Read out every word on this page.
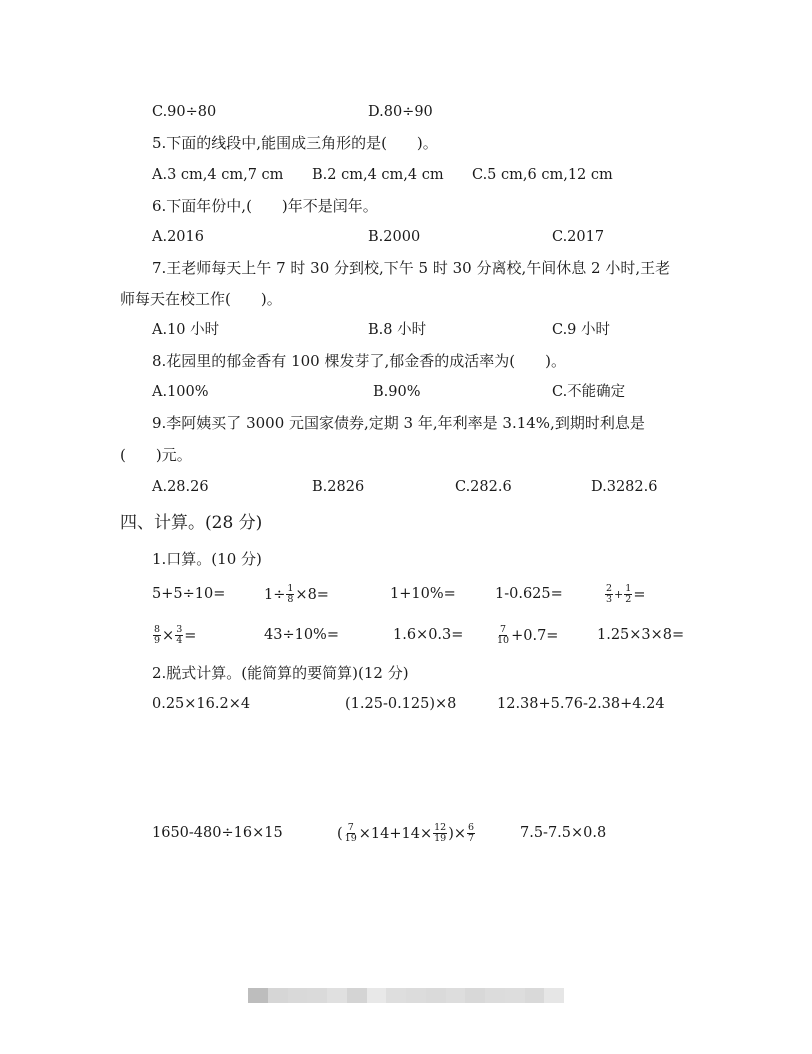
C.90÷80	D.80÷90
5.下面的线段中,能围成三角形的是(　　)。
A.3 cm,4 cm,7 cm B.2 cm,4 cm,4 cm C.5 cm,6 cm,12 cm
6.下面年份中,(　　)年不是闰年。
A.2016	B.2000	C.2017
7.王老师每天上午 7 时 30 分到校,下午 5 时 30 分离校,午间休息 2 小时,王老
师每天在校工作(　　)。
A.10 小时	B.8 小时	C.9 小时
8.花园里的郁金香有 100 棵发芽了,郁金香的成活率为(　　)。
A.100%	B.90%	C.不能确定
9.李阿姨买了 3000 元国家债券,定期 3 年,年利率是 3.14%,到期时利息是
(　　)元。
A.28.26	B.2826	C.282.6	D.3282.6
四、计算。(28 分)
1.口算。(10 分)
5+5÷10=	$1\div \frac{1}{8} \times 8=$	1+10%=	1-0.625=	$\frac{2}{3} + \frac{1}{2}$ =
$\frac{8}{9} \times \frac{3}{4}$ =	43÷10%=	1.6×0.3=	$\frac{7}{10} +0.7=$	1.25×3×8=
2.脱式计算。(能简算的要简算)(12 分)
0.25×16.2×4	(1.25-0.125)×8	12.38+5.76-2.38+4.24
1650-480÷16×15	( $\frac{7}{19} \times 14+14\times \frac{12}{19}$ )× $\frac{6}{7}$	7.5-7.5×0.8
